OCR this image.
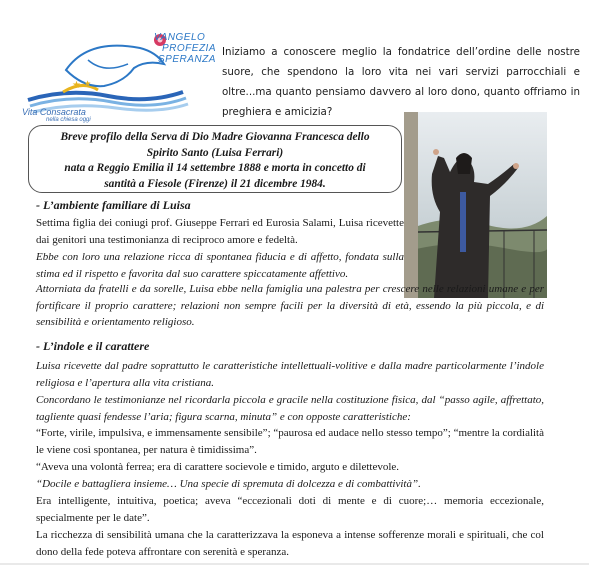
★ ★
VANGELO
PROFEZIA
SPERANZA
Vita Consacrata
nella chiesa oggi
Iniziamo a conoscere meglio la fondatrice dell’ordine delle nostre suore, che spendono la loro vita nei vari servizi parrocchiali e oltre...ma quanto pensiamo davvero al loro dono, quanto offriamo in preghiera e amicizia?
Breve profilo della Serva di Dio Madre Giovanna Francesca dello
Spirito Santo (Luisa Ferrari)
nata a Reggio Emilia il 14 settembre 1888 e morta in concetto di
santità a Fiesole (Firenze) il 21 dicembre 1984.
- L’ambiente familiare di Luisa
Settima figlia dei coniugi prof. Giuseppe Ferrari ed Eurosia Salami, Luisa ricevette dai genitori una testimonianza di reciproco amore e fedeltà.
Ebbe con loro una relazione ricca di spontanea fiducia e di affetto, fondata sulla stima ed il rispetto e favorita dal suo carattere spiccatamente affettivo.
Attorniata da fratelli e da sorelle, Luisa ebbe nella famiglia una palestra per crescere nelle relazioni umane e per fortificare il proprio carattere; relazioni non sempre facili per la diversità di età, essendo la più piccola, e di sensibilità e orientamento religioso.
- L’indole e il carattere
Luisa ricevette dal padre soprattutto le caratteristiche intellettuali-volitive e dalla madre particolarmente l’indole religiosa e l’apertura alla vita cristiana.
Concordano le testimonianze nel ricordarla piccola e gracile nella costituzione fisica, dal “passo agile, affrettato, tagliente quasi fendesse l’aria; figura scarna, minuta” e con opposte caratteristiche:
“Forte, virile, impulsiva, e immensamente sensibile”; “paurosa ed audace nello stesso tempo”; “mentre la cordialità le viene così spontanea, per natura è timidissima”.
“Aveva una volontà ferrea; era di carattere socievole e timido, arguto e dilettevole.
“Docile e battagliera insieme… Una specie di spremuta di dolcezza e di combattività”.
Era intelligente, intuitiva, poetica; aveva “eccezionali doti di mente e di cuore;… memoria eccezionale, specialmente per le date”.
La ricchezza di sensibilità umana che la caratterizzava la esponeva a intense sofferenze morali e spirituali, che col dono della fede poteva affrontare con serenità e speranza.
